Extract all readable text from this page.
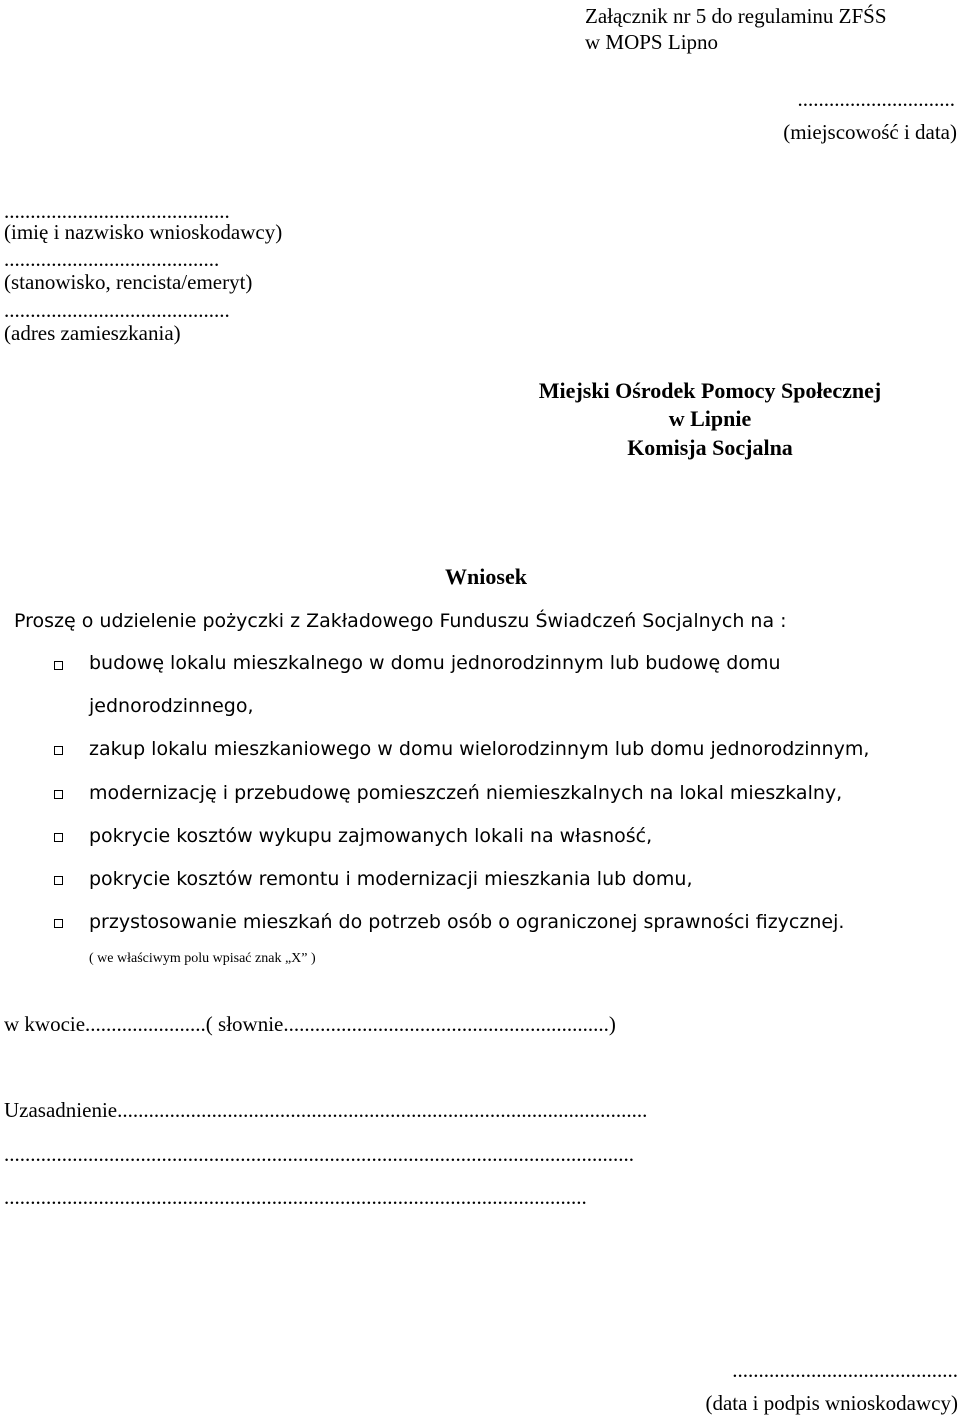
Załącznik nr 5 do regulaminu ZFŚS
w MOPS Lipno
..............................
(miejscowość i data)
...........................................
(imię i nazwisko wnioskodawcy)
.........................................
(stanowisko, rencista/emeryt)
...........................................
(adres zamieszkania)
Miejski Ośrodek Pomocy Społecznej
w Lipnie
Komisja Socjalna
Wniosek
Proszę o udzielenie pożyczki z Zakładowego Funduszu Świadczeń Socjalnych na :
budowę lokalu mieszkalnego w domu jednorodzinnym lub budowę domu
jednorodzinnego,
zakup lokalu mieszkaniowego w domu wielorodzinnym lub domu jednorodzinnym,
modernizację i przebudowę pomieszczeń niemieszkalnych na lokal mieszkalny,
pokrycie kosztów wykupu zajmowanych lokali na własność,
pokrycie kosztów remontu i modernizacji mieszkania lub domu,
przystosowanie mieszkań do potrzeb osób o ograniczonej sprawności fizycznej.
( we właściwym polu wpisać znak „X” )
w kwocie.......................( słownie..............................................................)
Uzasadnienie.....................................................................................................
........................................................................................................................
...............................................................................................................
...........................................
(data i podpis wnioskodawcy)
